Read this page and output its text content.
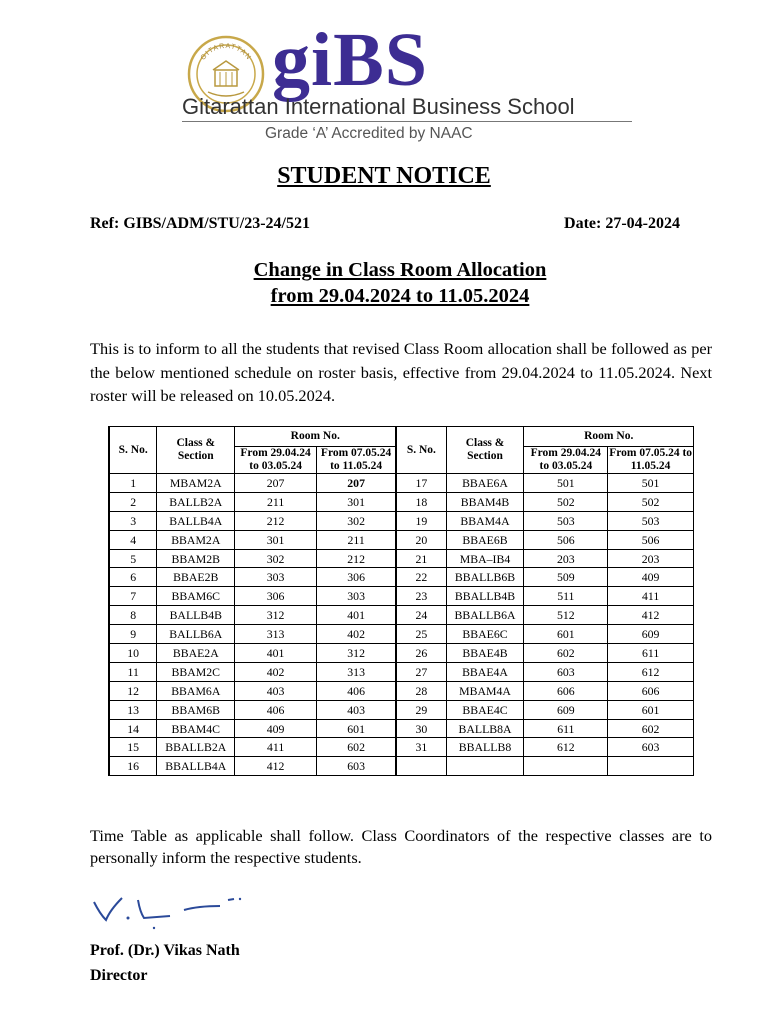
GITARATTAN giBS
Gitarattan International Business School
Grade ‘A’ Accredited by NAAC
STUDENT NOTICE
Ref: GIBS/ADM/STU/23-24/521	Date: 27-04-2024
Change in Class Room Allocation
from 29.04.2024 to 11.05.2024
This is to inform to all the students that revised Class Room allocation shall be followed as per the below mentioned schedule on roster basis, effective from 29.04.2024 to 11.05.2024. Next roster will be released on 10.05.2024.
S. No.	Class & Section	Room No.		S. No.	Class & Section	Room No.	
		From 29.04.24 to 03.05.24	From 07.05.24 to 11.05.24			From 29.04.24 to 03.05.24	From 07.05.24 to 11.05.24
1	MBAM2A	207	207	17	BBAE6A	501	501
2	BALLB2A	211	301	18	BBAM4B	502	502
3	BALLB4A	212	302	19	BBAM4A	503	503
4	BBAM2A	301	211	20	BBAE6B	506	506
5	BBAM2B	302	212	21	MBA–IB4	203	203
6	BBAE2B	303	306	22	BBALLB6B	509	409
7	BBAM6C	306	303	23	BBALLB4B	511	411
8	BALLB4B	312	401	24	BBALLB6A	512	412
9	BALLB6A	313	402	25	BBAE6C	601	609
10	BBAE2A	401	312	26	BBAE4B	602	611
11	BBAM2C	402	313	27	BBAE4A	603	612
12	BBAM6A	403	406	28	MBAM4A	606	606
13	BBAM6B	406	403	29	BBAE4C	609	601
14	BBAM4C	409	601	30	BALLB8A	611	602
15	BBALLB2A	411	602	31	BBALLB8	612	603
16	BBALLB4A	412	603				
Time Table as applicable shall follow. Class Coordinators of the respective classes are to personally inform the respective students.
Prof. (Dr.) Vikas Nath
Director
